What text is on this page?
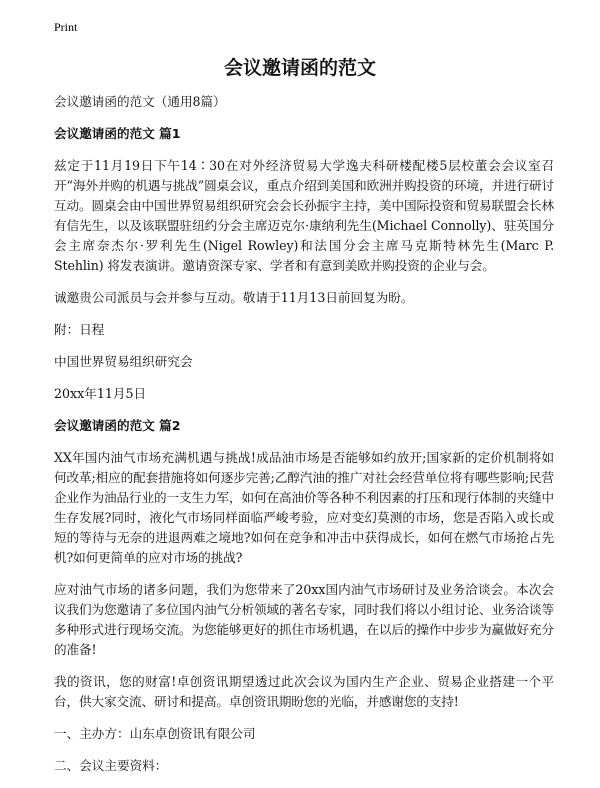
Print
会议邀请函的范文

会议邀请函的范文（通用8篇）

会议邀请函的范文 篇1

兹定于11月19日下午14∶30在对外经济贸易大学逸夫科研楼配楼5层校董会会议室召开“海外并购的机遇与挑战”圆桌会议，重点介绍到美国和欧洲并购投资的环境，并进行研讨互动。圆桌会由中国世界贸易组织研究会会长孙振宇主持，美中国际投资和贸易联盟会长林有信先生，以及该联盟驻纽约分会主席迈克尔·康纳利先生(Michael Connolly)、驻英国分会主席奈杰尔·罗利先生(Nigel Rowley)和法国分会主席马克斯特林先生(Marc P. Stehlin) 将发表演讲。邀请资深专家、学者和有意到美欧并购投资的企业与会。

诚邀贵公司派员与会并参与互动。敬请于11月13日前回复为盼。

附：日程

中国世界贸易组织研究会

20xx年11月5日

会议邀请函的范文 篇2

XX年国内油气市场充满机遇与挑战!成品油市场是否能够如约放开;国家新的定价机制将如何改革;相应的配套措施将如何逐步完善;乙醇汽油的推广对社会经营单位将有哪些影响;民营企业作为油品行业的一支生力军，如何在高油价等各种不利因素的打压和现行体制的夹缝中生存发展?同时，液化气市场同样面临严峻考验，应对变幻莫测的市场，您是否陷入或长或短的等待与无奈的进退两难之境地?如何在竞争和冲击中获得成长，如何在燃气市场抢占先机?如何更简单的应对市场的挑战?

应对油气市场的诸多问题，我们为您带来了20xx国内油气市场研讨及业务洽谈会。本次会议我们为您邀请了多位国内油气分析领域的著名专家，同时我们将以小组讨论、业务洽谈等多种形式进行现场交流。为您能够更好的抓住市场机遇，在以后的操作中步步为赢做好充分的准备!

我的资讯，您的财富!卓创资讯期望透过此次会议为国内生产企业、贸易企业搭建一个平台，供大家交流、研讨和提高。卓创资讯期盼您的光临，并感谢您的支持!

一、主办方：山东卓创资讯有限公司

二、会议主要资料：
